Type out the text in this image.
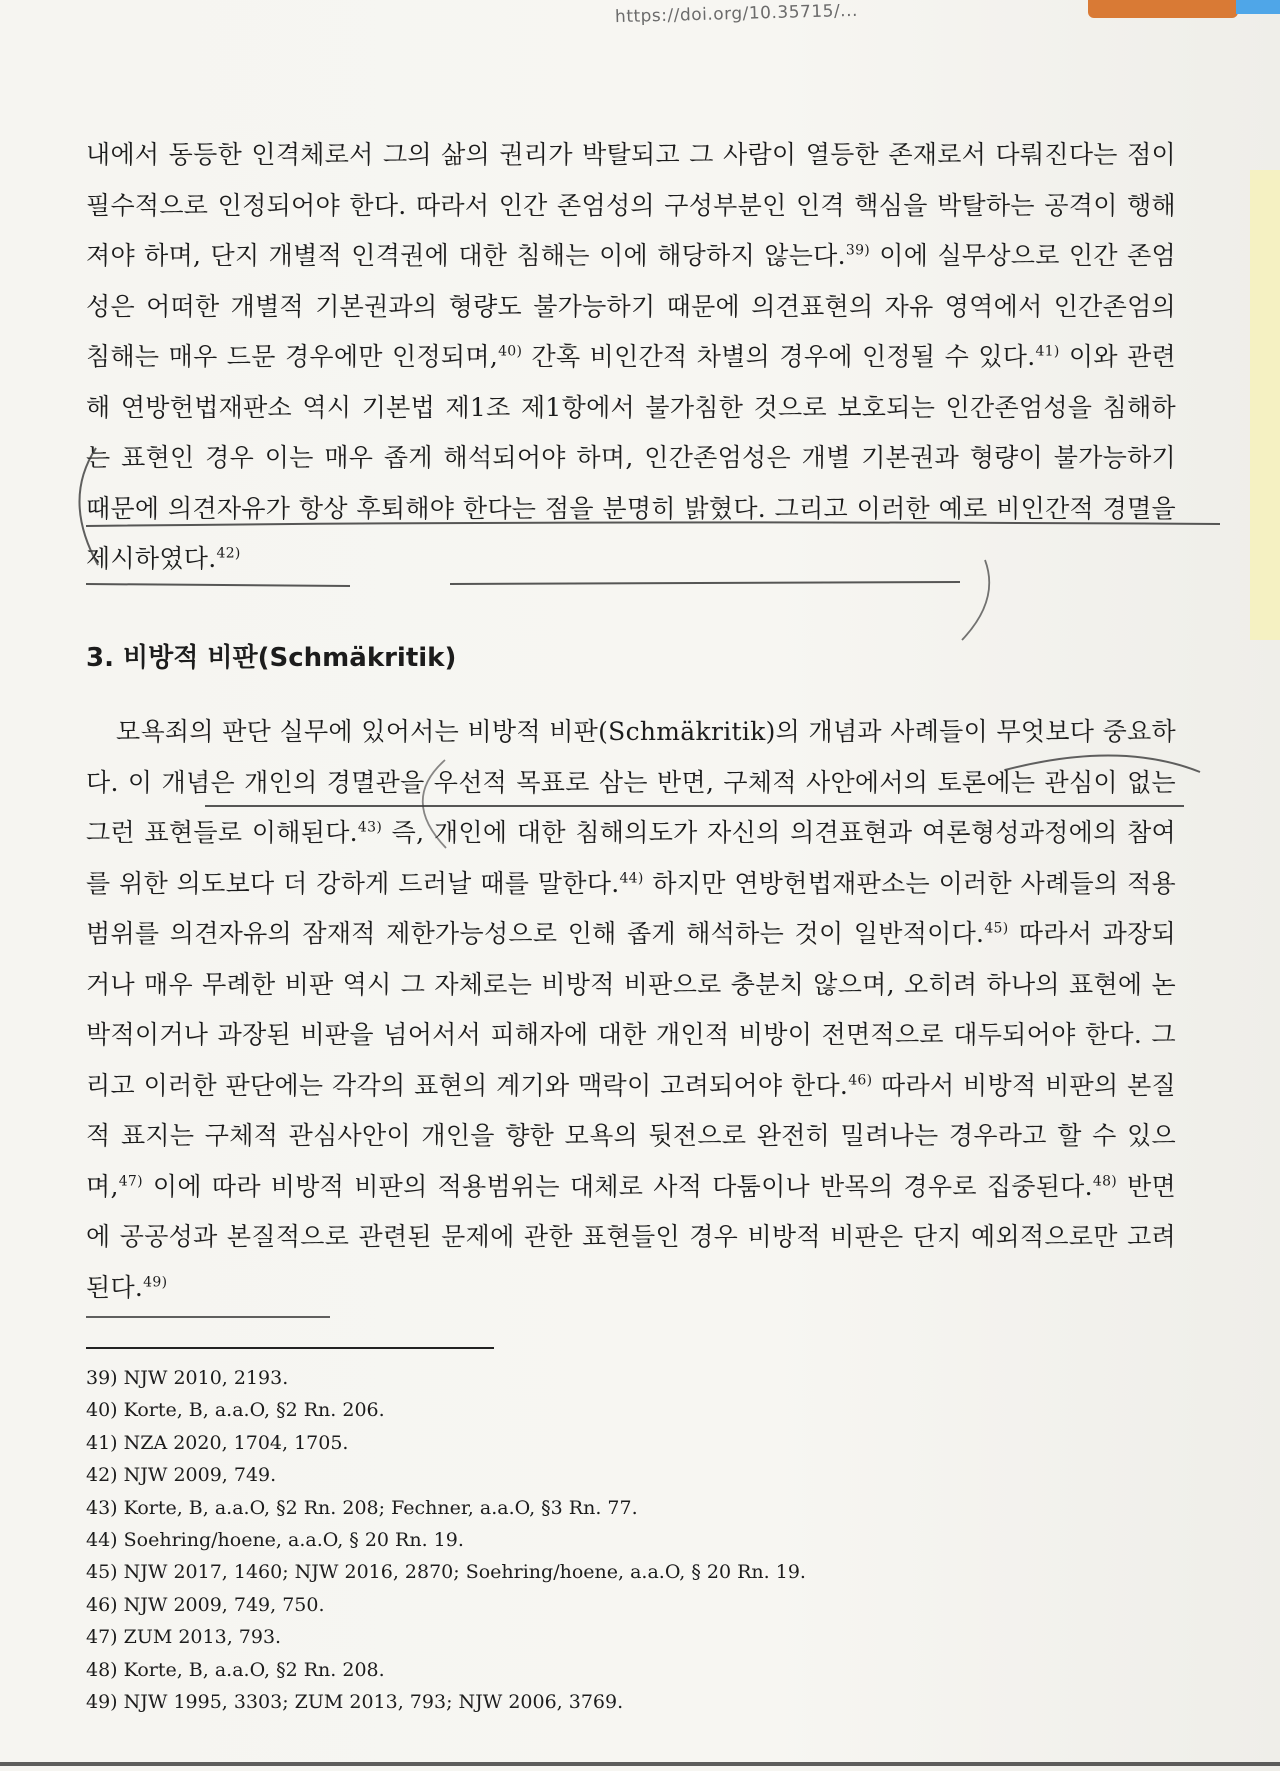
https://doi.org/10.35715/...

내에서 동등한 인격체로서 그의 삶의 권리가 박탈되고 그 사람이 열등한 존재로서 다뤄진다는 점이 필수적으로 인정되어야 한다. 따라서 인간 존엄성의 구성부분인 인격 핵심을 박탈하는 공격이 행해져야 하며, 단지 개별적 인격권에 대한 침해는 이에 해당하지 않는다.$^{39)}$ 이에 실무상으로 인간 존엄성은 어떠한 개별적 기본권과의 형량도 불가능하기 때문에 의견표현의 자유 영역에서 인간존엄의 침해는 매우 드문 경우에만 인정되며,$^{40)}$ 간혹 비인간적 차별의 경우에 인정될 수 있다.$^{41)}$ 이와 관련해 연방헌법재판소 역시 기본법 제1조 제1항에서 불가침한 것으로 보호되는 인간존엄성을 침해하는 표현인 경우 이는 매우 좁게 해석되어야 하며, 인간존엄성은 개별 기본권과 형량이 불가능하기 때문에 의견자유가 항상 후퇴해야 한다는 점을 분명히 밝혔다. 그리고 이러한 예로 비인간적 경멸을 제시하였다.$^{42)}$

3. 비방적 비판(Schmäkritik)

모욕죄의 판단 실무에 있어서는 비방적 비판(Schmäkritik)의 개념과 사례들이 무엇보다 중요하다. 이 개념은 개인의 경멸관을 우선적 목표로 삼는 반면, 구체적 사안에서의 토론에는 관심이 없는 그런 표현들로 이해된다.$^{43)}$ 즉, 개인에 대한 침해의도가 자신의 의견표현과 여론형성과정에의 참여를 위한 의도보다 더 강하게 드러날 때를 말한다.$^{44)}$ 하지만 연방헌법재판소는 이러한 사례들의 적용범위를 의견자유의 잠재적 제한가능성으로 인해 좁게 해석하는 것이 일반적이다.$^{45)}$ 따라서 과장되거나 매우 무례한 비판 역시 그 자체로는 비방적 비판으로 충분치 않으며, 오히려 하나의 표현에 논박적이거나 과장된 비판을 넘어서서 피해자에 대한 개인적 비방이 전면적으로 대두되어야 한다. 그리고 이러한 판단에는 각각의 표현의 계기와 맥락이 고려되어야 한다.$^{46)}$ 따라서 비방적 비판의 본질적 표지는 구체적 관심사안이 개인을 향한 모욕의 뒷전으로 완전히 밀려나는 경우라고 할 수 있으며,$^{47)}$ 이에 따라 비방적 비판의 적용범위는 대체로 사적 다툼이나 반목의 경우로 집중된다.$^{48)}$ 반면에 공공성과 본질적으로 관련된 문제에 관한 표현들인 경우 비방적 비판은 단지 예외적으로만 고려된다.$^{49)}$

39) NJW 2010, 2193.
40) Korte, B, a.a.O, §2 Rn. 206.
41) NZA 2020, 1704, 1705.
42) NJW 2009, 749.
43) Korte, B, a.a.O, §2 Rn. 208; Fechner, a.a.O, §3 Rn. 77.
44) Soehring/hoene, a.a.O, § 20 Rn. 19.
45) NJW 2017, 1460; NJW 2016, 2870; Soehring/hoene, a.a.O, § 20 Rn. 19.
46) NJW 2009, 749, 750.
47) ZUM 2013, 793.
48) Korte, B, a.a.O, §2 Rn. 208.
49) NJW 1995, 3303; ZUM 2013, 793; NJW 2006, 3769.
